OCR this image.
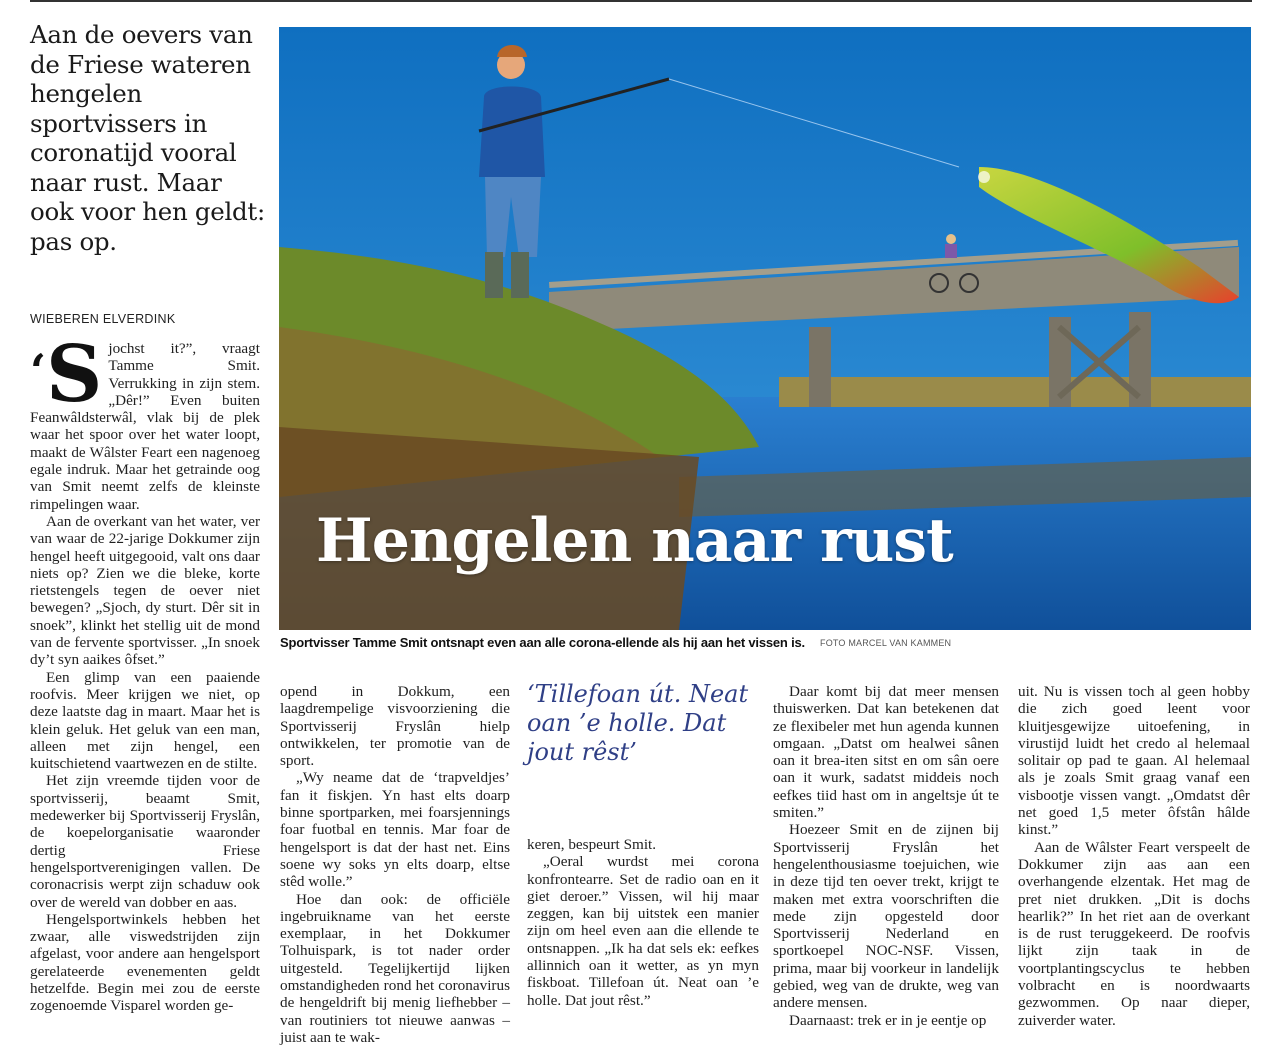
Aan de oevers van de Friese wateren hengelen sportvissers in coronatijd vooral naar rust. Maar ook voor hen geldt: pas op.
WIEBEREN ELVERDINK
‘S jochst it?”, vraagt Tamme Smit. Verrukking in zijn stem. „Dêr!” Even buiten Feanwâldsterwâl, vlak bij de plek waar het spoor over het water loopt, maakt de Wâlster Feart een nagenoeg egale indruk. Maar het getrainde oog van Smit neemt zelfs de kleinste rimpelingen waar.

Aan de overkant van het water, ver van waar de 22-jarige Dokkumer zijn hengel heeft uitgegooid, valt ons daar niets op? Zien we die bleke, korte rietstengels tegen de oever niet bewegen? „Sjoch, dy sturt. Dêr sit in snoek”, klinkt het stellig uit de mond van de fervente sportvisser. „In snoek dy’t syn aaikes ôfset.”

Een glimp van een paaiende roofvis. Meer krijgen we niet, op deze laatste dag in maart. Maar het is klein geluk. Het geluk van een man, alleen met zijn hengel, een kuitschietend vaartwezen en de stilte.

Het zijn vreemde tijden voor de sportvisserij, beaamt Smit, medewerker bij Sportvisserij Fryslân, de koepelorganisatie waaronder dertig Friese hengelsportverenigingen vallen. De coronacrisis werpt zijn schaduw ook over de wereld van dobber en aas.

Hengelsportwinkels hebben het zwaar, alle viswedstrijden zijn afgelast, voor andere aan hengelsport gerelateerde evenementen geldt hetzelfde. Begin mei zou de eerste zogenoemde Visparel worden ge-

Hengelen naar rust
Sportvisser Tamme Smit ontsnapt even aan alle corona-ellende als hij aan het vissen is. FOTO MARCEL VAN KAMMEN

opend in Dokkum, een laagdrempelige visvoorziening die Sportvisserij Fryslân hielp ontwikkelen, ter promotie van de sport.

„Wy neame dat de ‘trapveldjes’ fan it fiskjen. Yn hast elts doarp binne sportparken, mei foarsjennings foar fuotbal en tennis. Mar foar de hengelsport is dat der hast net. Eins soene wy soks yn elts doarp, eltse stêd wolle.”

Hoe dan ook: de officiële ingebruikname van het eerste exemplaar, in het Dokkumer Tolhuispark, is tot nader order uitgesteld. Tegelijkertijd lijken omstandigheden rond het coronavirus de hengeldrift bij menig liefhebber – van routiniers tot nieuwe aanwas – juist aan te wak-

‘Tillefoan út. Neat oan ’e holle. Dat jout rêst’

keren, bespeurt Smit.

„Oeral wurdst mei corona konfrontearre. Set de radio oan en it giet deroer.” Vissen, wil hij maar zeggen, kan bij uitstek een manier zijn om heel even aan die ellende te ontsnappen. „Ik ha dat sels ek: eefkes allinnich oan it wetter, as yn myn fiskboat. Tillefoan út. Neat oan ’e holle. Dat jout rêst.”

Daar komt bij dat meer mensen thuiswerken. Dat kan betekenen dat ze flexibeler met hun agenda kunnen omgaan. „Datst om healwei sânen oan it brea-iten sitst en om sân oere oan it wurk, sadatst middeis noch eefkes tiid hast om in angeltsje út te smiten.”

Hoezeer Smit en de zijnen bij Sportvisserij Fryslân het hengelenthousiasme toejuichen, wie in deze tijd ten oever trekt, krijgt te maken met extra voorschriften die mede zijn opgesteld door Sportvisserij Nederland en sportkoepel NOC-NSF. Vissen, prima, maar bij voorkeur in landelijk gebied, weg van de drukte, weg van andere mensen.

Daarnaast: trek er in je eentje op

uit. Nu is vissen toch al geen hobby die zich goed leent voor kluitjesgewijze uitoefening, in virustijd luidt het credo al helemaal solitair op pad te gaan. Al helemaal als je zoals Smit graag vanaf een visbootje vissen vangt. „Omdatst dêr net goed 1,5 meter ôfstân hâlde kinst.”

Aan de Wâlster Feart verspeelt de Dokkumer zijn aas aan een overhangende elzentak. Het mag de pret niet drukken. „Dit is dochs hearlik?” In het riet aan de overkant is de rust teruggekeerd. De roofvis lijkt zijn taak in de voortplantingscyclus te hebben volbracht en is noordwaarts gezwommen. Op naar dieper, zuiverder water.
